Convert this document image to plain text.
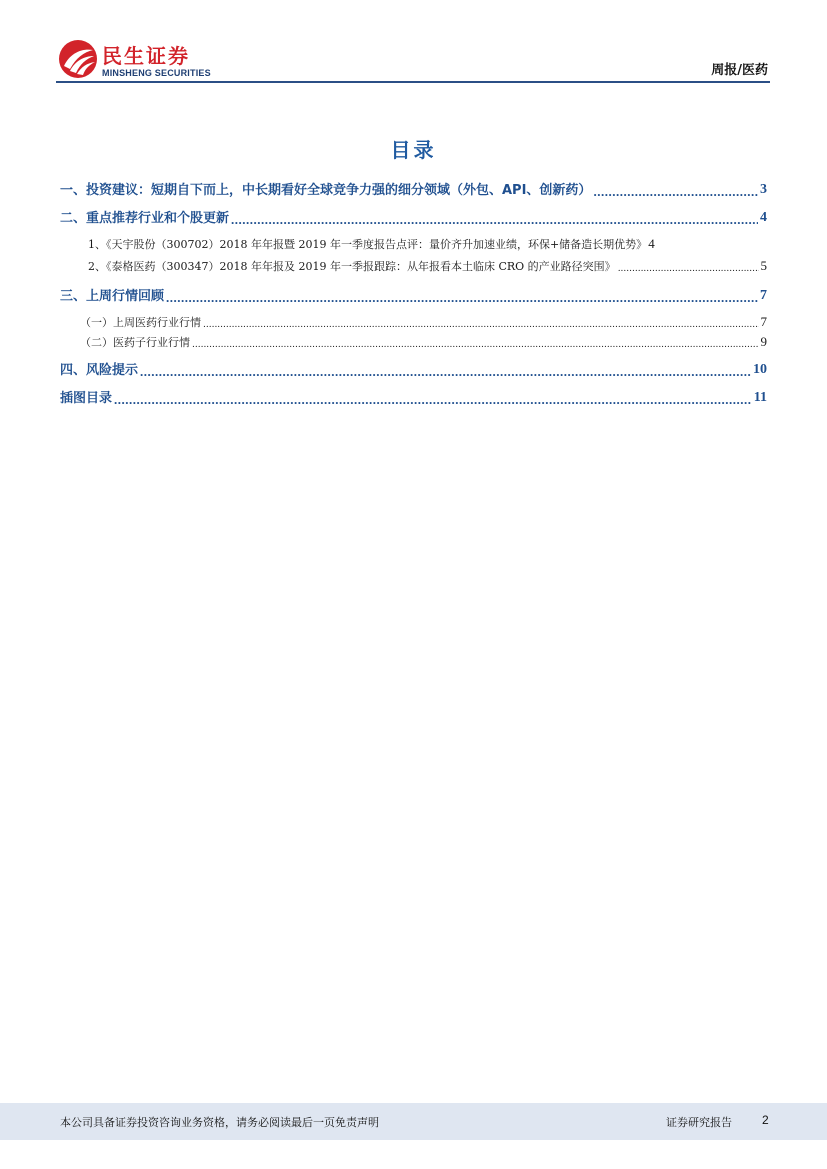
民生证券
MINSHENG SECURITIES	周报/医药
目录
一、投资建议：短期自下而上，中长期看好全球竞争力强的细分领域（外包、API、创新药） .....	3
二、重点推荐行业和个股更新 .....	4
1、《天宇股份（300702）2018 年年报暨 2019 年一季度报告点评：量价齐升加速业绩，环保+储备造长期优势》 4
2、《泰格医药（300347）2018 年年报及 2019 年一季报跟踪：从年报看本土临床 CRO 的产业路径突围》 .....	5
三、上周行情回顾 .....	7
（一）上周医药行业行情 .....	7
（二）医药子行业行情 .....	9
四、风险提示 .....	10
插图目录 .....	11
本公司具备证券投资咨询业务资格，请务必阅读最后一页免责声明	证券研究报告	2
